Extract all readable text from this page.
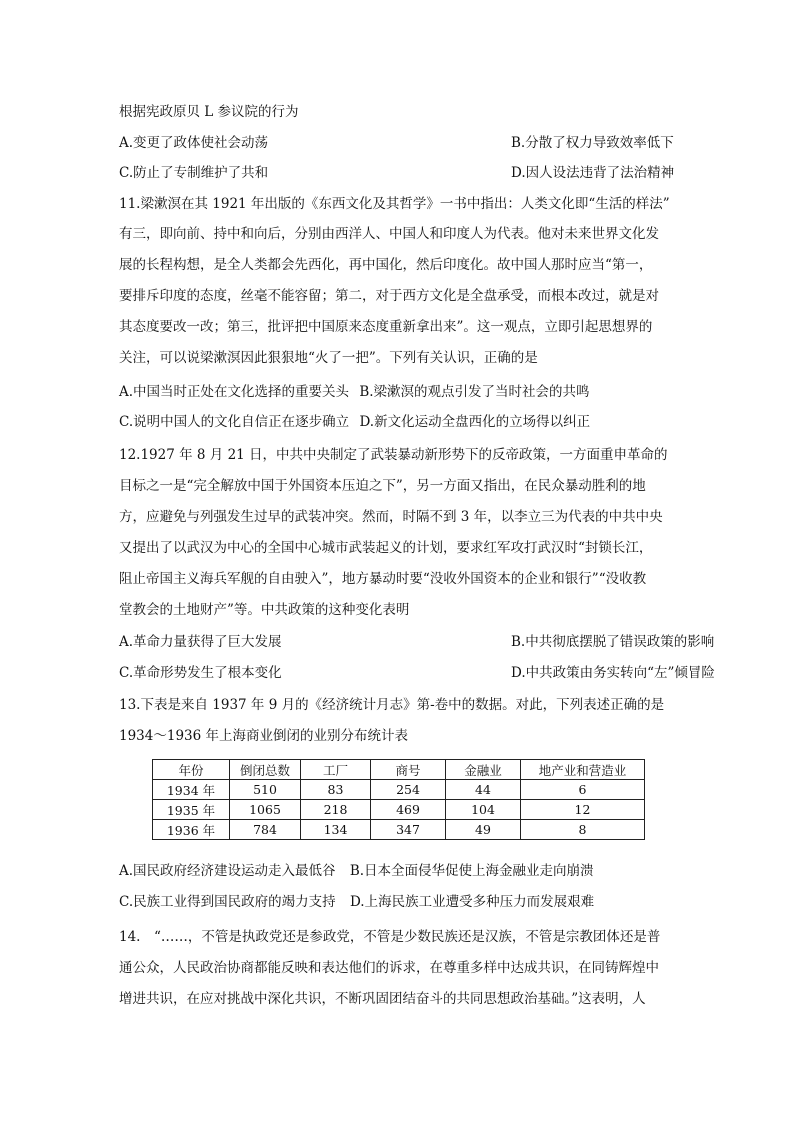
根据宪政原贝 L 参议院的行为
A.变更了政体使社会动荡	B.分散了权力导致效率低下
C.防止了专制维护了共和	D.因人设法违背了法治精神
11.梁漱溟在其 1921 年出版的《东西文化及其哲学》一书中指出：人类文化即“生活的样法”
有三，即向前、持中和向后，分别由西洋人、中国人和印度人为代表。他对未来世界文化发
展的长程构想，是全人类都会先西化，再中国化，然后印度化。故中国人那时应当“第一，
要排斥印度的态度，丝毫不能容留；第二，对于西方文化是全盘承受，而根本改过，就是对
其态度要改一改；第三，批评把中国原来态度重新拿出来”。这一观点，立即引起思想界的
关注，可以说梁漱溟因此狠狠地“火了一把”。下列有关认识，正确的是
A.中国当时正处在文化选择的重要关头 B.梁漱溟的观点引发了当时社会的共鸣
C.说明中国人的文化自信正在逐步确立 D.新文化运动全盘西化的立场得以纠正
12.1927 年 8 月 21 日，中共中央制定了武装暴动新形势下的反帝政策，一方面重申革命的
目标之一是“完全解放中国于外国资本压迫之下”，另一方面又指出，在民众暴动胜利的地
方，应避免与列强发生过早的武装冲突。然而，时隔不到 3 年，以李立三为代表的中共中央
又提出了以武汉为中心的全国中心城市武装起义的计划，要求红军攻打武汉时“封锁长江，
阻止帝国主义海兵军舰的自由驶入”，地方暴动时要“没收外国资本的企业和银行”“没收教
堂教会的土地财产”等。中共政策的这种变化表明
A.革命力量获得了巨大发展	B.中共彻底摆脱了错误政策的影响
C.革命形势发生了根本变化	D.中共政策由务实转向“左”倾冒险
13.下表是来自 1937 年 9 月的《经济统计月志》第-卷中的数据。对此，下列表述正确的是
1934～1936 年上海商业倒闭的业别分布统计表
年份	倒闭总数	工厂	商号	金融业	地产业和营造业
1934 年	510	83	254	44	6
1935 年	1065	218	469	104	12
1936 年	784	134	347	49	8
A.国民政府经济建设运动走入最低谷 B.日本全面侵华促使上海金融业走向崩溃
C.民族工业得到国民政府的竭力支持 D.上海民族工业遭受多种压力而发展艰难
14.　“……，不管是执政党还是参政党，不管是少数民族还是汉族，不管是宗教团体还是普
通公众，人民政治协商都能反映和表达他们的诉求，在尊重多样中达成共识，在同铸辉煌中
增进共识，在应对挑战中深化共识，不断巩固团结奋斗的共同思想政治基础。”这表明，人
